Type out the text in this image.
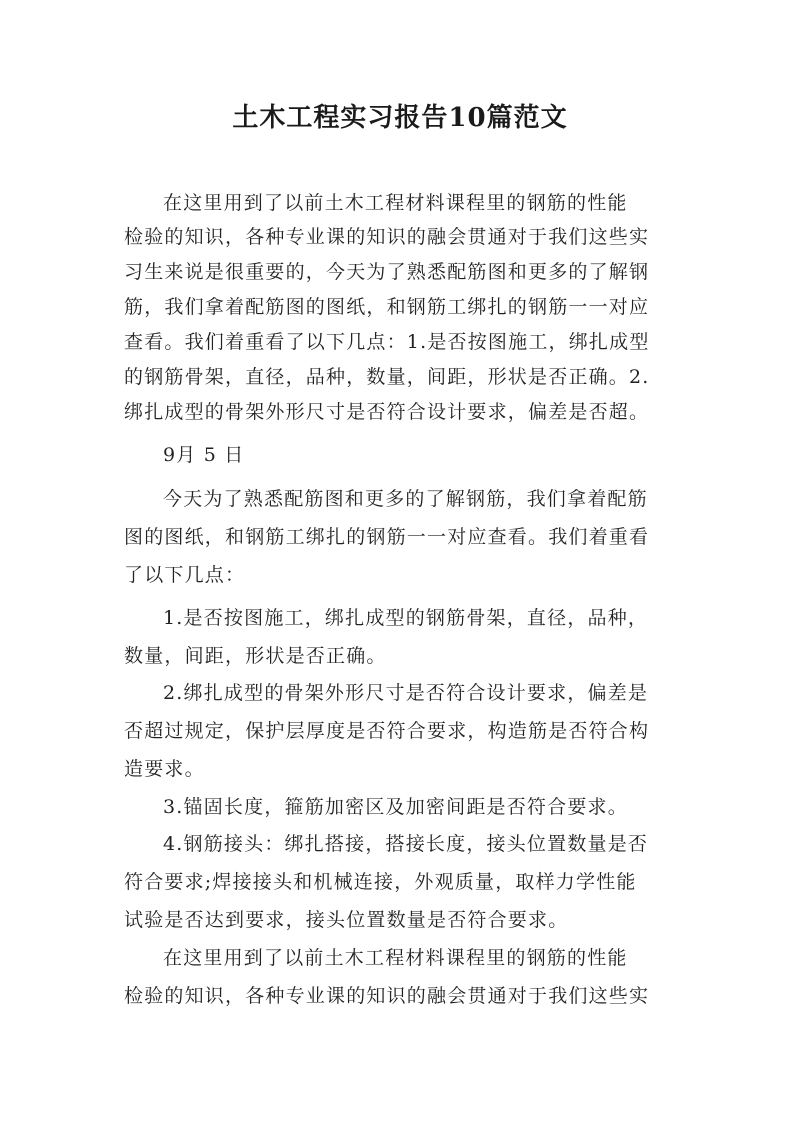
土木工程实习报告10篇范文
在这里用到了以前土木工程材料课程里的钢筋的性能
检验的知识，各种专业课的知识的融会贯通对于我们这些实
习生来说是很重要的，今天为了熟悉配筋图和更多的了解钢
筋，我们拿着配筋图的图纸，和钢筋工绑扎的钢筋一一对应
查看。我们着重看了以下几点：1.是否按图施工，绑扎成型
的钢筋骨架，直径，品种，数量，间距，形状是否正确。2.
绑扎成型的骨架外形尺寸是否符合设计要求，偏差是否超。
9月 5 日
今天为了熟悉配筋图和更多的了解钢筋，我们拿着配筋
图的图纸，和钢筋工绑扎的钢筋一一对应查看。我们着重看
了以下几点：
1.是否按图施工，绑扎成型的钢筋骨架，直径，品种，
数量，间距，形状是否正确。
2.绑扎成型的骨架外形尺寸是否符合设计要求，偏差是
否超过规定，保护层厚度是否符合要求，构造筋是否符合构
造要求。
3.锚固长度，箍筋加密区及加密间距是否符合要求。
4.钢筋接头：绑扎搭接，搭接长度，接头位置数量是否
符合要求;焊接接头和机械连接，外观质量，取样力学性能
试验是否达到要求，接头位置数量是否符合要求。
在这里用到了以前土木工程材料课程里的钢筋的性能
检验的知识，各种专业课的知识的融会贯通对于我们这些实
